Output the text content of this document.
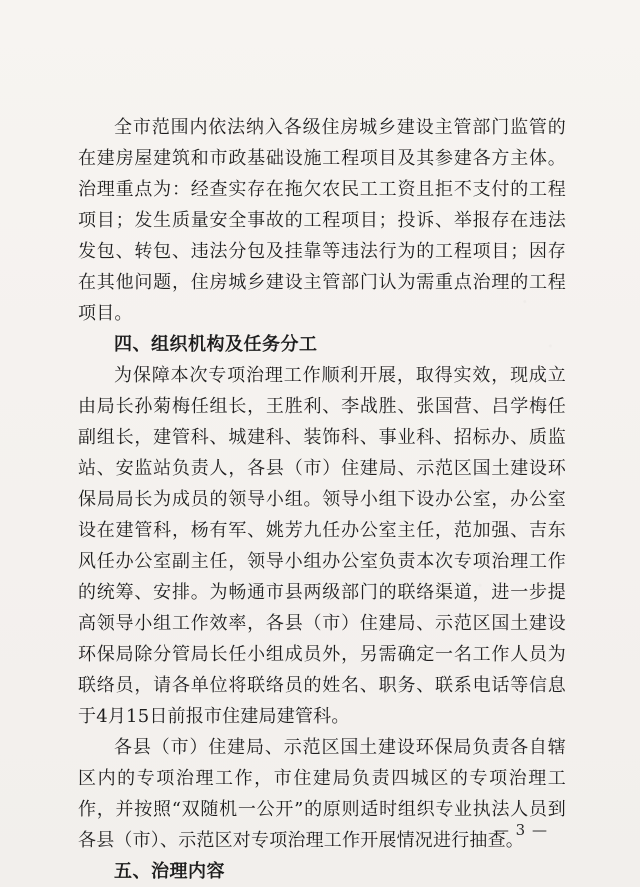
全市范围内依法纳入各级住房城乡建设主管部门监管的在建房屋建筑和市政基础设施工程项目及其参建各方主体。治理重点为：经查实存在拖欠农民工工资且拒不支付的工程项目；发生质量安全事故的工程项目；投诉、举报存在违法发包、转包、违法分包及挂靠等违法行为的工程项目；因存在其他问题，住房城乡建设主管部门认为需重点治理的工程项目。

四、组织机构及任务分工

为保障本次专项治理工作顺利开展，取得实效，现成立由局长孙菊梅任组长，王胜利、李战胜、张国营、吕学梅任副组长，建管科、城建科、装饰科、事业科、招标办、质监站、安监站负责人，各县（市）住建局、示范区国土建设环保局局长为成员的领导小组。领导小组下设办公室，办公室设在建管科，杨有军、姚芳九任办公室主任，范加强、吉东风任办公室副主任，领导小组办公室负责本次专项治理工作的统筹、安排。为畅通市县两级部门的联络渠道，进一步提高领导小组工作效率，各县（市）住建局、示范区国土建设环保局除分管局长任小组成员外，另需确定一名工作人员为联络员，请各单位将联络员的姓名、职务、联系电话等信息于4月15日前报市住建局建管科。

各县（市）住建局、示范区国土建设环保局负责各自辖区内的专项治理工作，市住建局负责四城区的专项治理工作，并按照“双随机一公开”的原则适时组织专业执法人员到各县（市）、示范区对专项治理工作开展情况进行抽查。

五、治理内容
— 3 —
